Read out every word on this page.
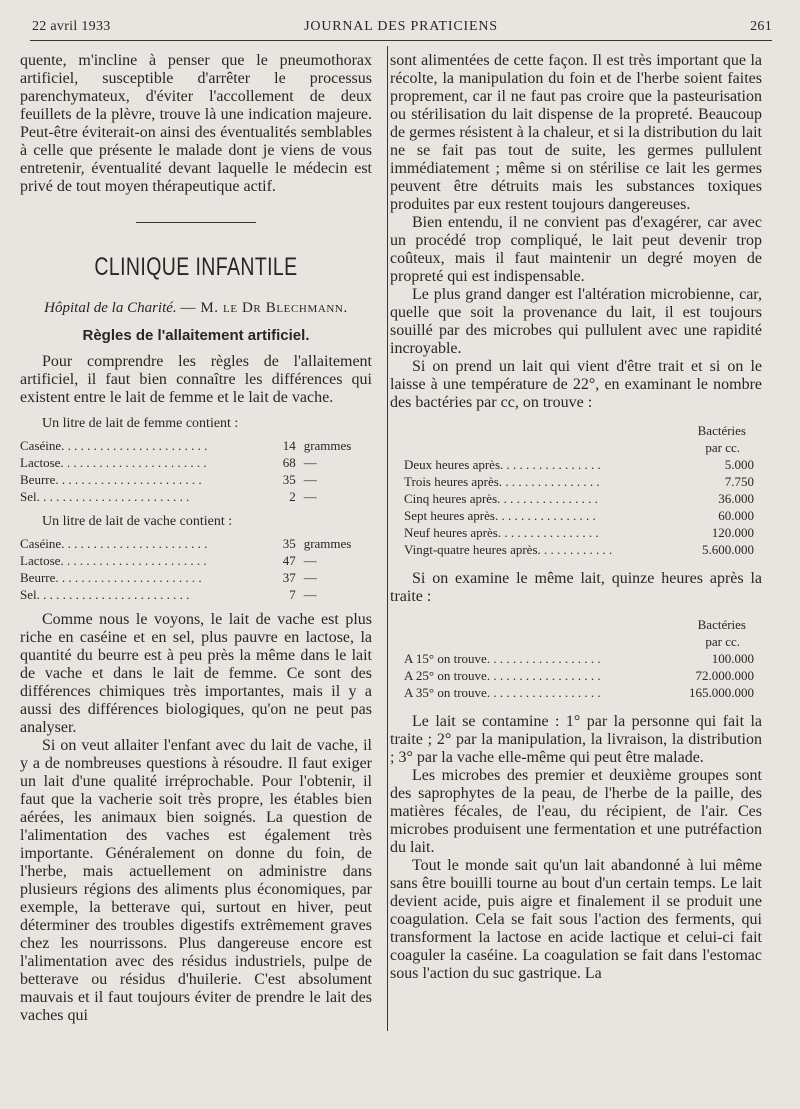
22 avril 1933	JOURNAL DES PRATICIENS	261

quente, m'incline à penser que le pneumothorax artificiel, susceptible d'arrêter le processus parenchymateux, d'éviter l'accollement de deux feuillets de la plèvre, trouve là une indication majeure. Peut-être éviterait-on ainsi des éventualités semblables à celle que présente le malade dont je viens de vous entretenir, éventualité devant laquelle le médecin est privé de tout moyen thérapeutique actif.

CLINIQUE INFANTILE
Hôpital de la Charité. — M. le Dr Blechmann.
Règles de l'allaitement artificiel.

Pour comprendre les règles de l'allaitement artificiel, il faut bien connaître les différences qui existent entre le lait de femme et le lait de vache.

Un litre de lait de femme contient :
Caséine. . . . . . . . . . . . . . . . . . . . . . .	14	grammes
Lactose. . . . . . . . . . . . . . . . . . . . . . .	68	—
Beurre. . . . . . . . . . . . . . . . . . . . . . .	35	—
Sel. . . . . . . . . . . . . . . . . . . . . . . .	2	—
Un litre de lait de vache contient :
Caséine. . . . . . . . . . . . . . . . . . . . . . .	35	grammes
Lactose. . . . . . . . . . . . . . . . . . . . . . .	47	—
Beurre. . . . . . . . . . . . . . . . . . . . . . .	37	—
Sel. . . . . . . . . . . . . . . . . . . . . . . .	7	—

Comme nous le voyons, le lait de vache est plus riche en caséine et en sel, plus pauvre en lactose, la quantité du beurre est à peu près la même dans le lait de vache et dans le lait de femme. Ce sont des différences chimiques très importantes, mais il y a aussi des différences biologiques, qu'on ne peut pas analyser.

Si on veut allaiter l'enfant avec du lait de vache, il y a de nombreuses questions à résoudre. Il faut exiger un lait d'une qualité irréprochable. Pour l'obtenir, il faut que la vacherie soit très propre, les étables bien aérées, les animaux bien soignés. La question de l'alimentation des vaches est également très importante. Généralement on donne du foin, de l'herbe, mais actuellement on administre dans plusieurs régions des aliments plus économiques, par exemple, la betterave qui, surtout en hiver, peut déterminer des troubles digestifs extrêmement graves chez les nourrissons. Plus dangereuse encore est l'alimentation avec des résidus industriels, pulpe de betterave ou résidus d'huilerie. C'est absolument mauvais et il faut toujours éviter de prendre le lait des vaches qui

sont alimentées de cette façon. Il est très important que la récolte, la manipulation du foin et de l'herbe soient faites proprement, car il ne faut pas croire que la pasteurisation ou stérilisation du lait dispense de la propreté. Beaucoup de germes résistent à la chaleur, et si la distribution du lait ne se fait pas tout de suite, les germes pullulent immédiatement ; même si on stérilise ce lait les germes peuvent être détruits mais les substances toxiques produites par eux restent toujours dangereuses.

Bien entendu, il ne convient pas d'exagérer, car avec un procédé trop compliqué, le lait peut devenir trop coûteux, mais il faut maintenir un degré moyen de propreté qui est indispensable.

Le plus grand danger est l'altération microbienne, car, quelle que soit la provenance du lait, il est toujours souillé par des microbes qui pullulent avec une rapidité incroyable.

Si on prend un lait qui vient d'être trait et si on le laisse à une température de 22°, en examinant le nombre des bactéries par cc, on trouve :

Bactéries
par cc.
Deux heures après. . . . . . . . . . . . . . . .	5.000
Trois heures après. . . . . . . . . . . . . . . .	7.750
Cinq heures après. . . . . . . . . . . . . . . .	36.000
Sept heures après. . . . . . . . . . . . . . . .	60.000
Neuf heures après. . . . . . . . . . . . . . . .	120.000
Vingt-quatre heures après. . . . . . . . . . . .	5.600.000

Si on examine le même lait, quinze heures après la traite :

Bactéries
par cc.
A 15° on trouve. . . . . . . . . . . . . . . . . .	100.000
A 25° on trouve. . . . . . . . . . . . . . . . . .	72.000.000
A 35° on trouve. . . . . . . . . . . . . . . . . .	165.000.000

Le lait se contamine : 1° par la personne qui fait la traite ; 2° par la manipulation, la livraison, la distribution ; 3° par la vache elle-même qui peut être malade.

Les microbes des premier et deuxième groupes sont des saprophytes de la peau, de l'herbe de la paille, des matières fécales, de l'eau, du récipient, de l'air. Ces microbes produisent une fermentation et une putréfaction du lait.

Tout le monde sait qu'un lait abandonné à lui même sans être bouilli tourne au bout d'un certain temps. Le lait devient acide, puis aigre et finalement il se produit une coagulation. Cela se fait sous l'action des ferments, qui transforment la lactose en acide lactique et celui-ci fait coaguler la caséine. La coagulation se fait dans l'estomac sous l'action du suc gastrique. La
